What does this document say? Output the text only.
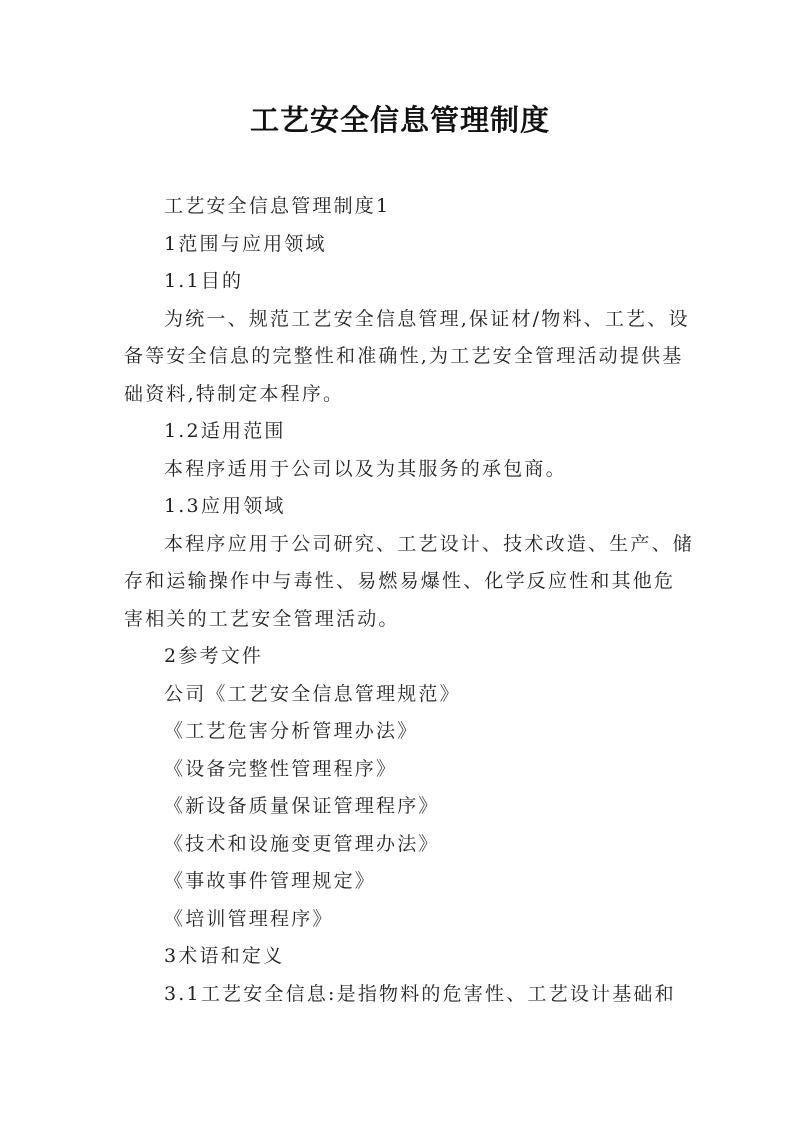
工艺安全信息管理制度

工艺安全信息管理制度1

1范围与应用领域

1.1目的

为统一、规范工艺安全信息管理,保证材/物料、工艺、设备等安全信息的完整性和准确性,为工艺安全管理活动提供基础资料,特制定本程序。

1.2适用范围

本程序适用于公司以及为其服务的承包商。

1.3应用领域

本程序应用于公司研究、工艺设计、技术改造、生产、储存和运输操作中与毒性、易燃易爆性、化学反应性和其他危害相关的工艺安全管理活动。

2参考文件

公司《工艺安全信息管理规范》

《工艺危害分析管理办法》

《设备完整性管理程序》

《新设备质量保证管理程序》

《技术和设施变更管理办法》

《事故事件管理规定》

《培训管理程序》

3术语和定义

3.1工艺安全信息:是指物料的危害性、工艺设计基础和
